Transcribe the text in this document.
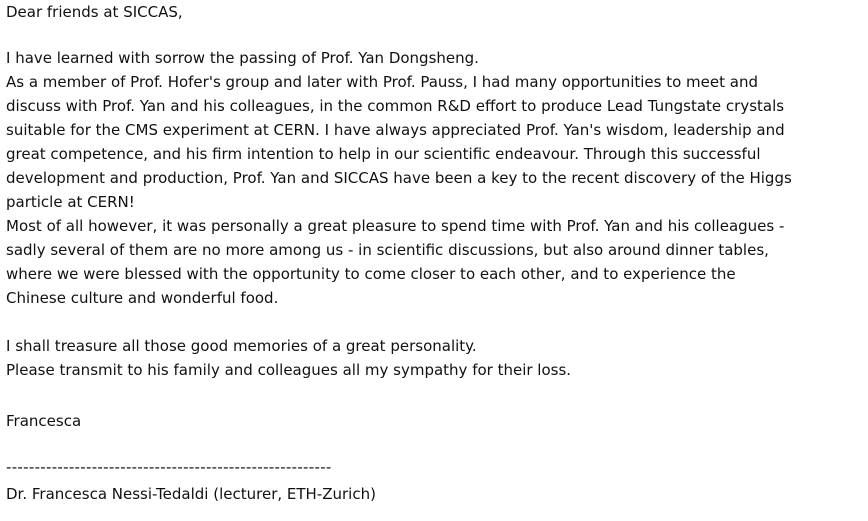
Dear friends at SICCAS,
I have learned with sorrow the passing of Prof. Yan Dongsheng.
As a member of Prof. Hofer's group and later with Prof. Pauss, I had many opportunities to meet and
discuss with Prof. Yan and his colleagues, in the common R&D effort to produce Lead Tungstate crystals
suitable for the CMS experiment at CERN. I have always appreciated Prof. Yan's wisdom, leadership and
great competence, and his firm intention to help in our scientific endeavour. Through this successful
development and production, Prof. Yan and SICCAS have been a key to the recent discovery of the Higgs
particle at CERN!
Most of all however, it was personally a great pleasure to spend time with Prof. Yan and his colleagues -
sadly several of them are no more among us - in scientific discussions, but also around dinner tables,
where we were blessed with the opportunity to come closer to each other, and to experience the
Chinese culture and wonderful food.
I shall treasure all those good memories of a great personality.
Please transmit to his family and colleagues all my sympathy for their loss.
Francesca
---------------------------------------------------------
Dr. Francesca Nessi-Tedaldi (lecturer, ETH-Zurich)
